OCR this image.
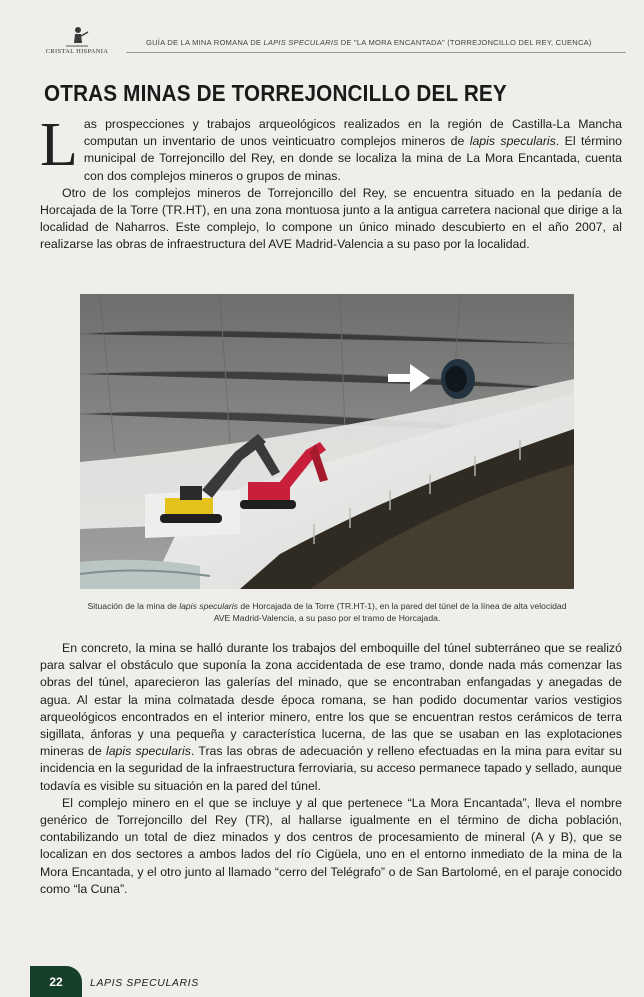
CRISTAL HISPANIA
GUÍA DE LA MINA ROMANA DE LAPIS SPECULARIS DE "LA MORA ENCANTADA" (TORREJONCILLO DEL REY, CUENCA)
OTRAS MINAS DE TORREJONCILLO DEL REY
L as prospecciones y trabajos arqueológicos realizados en la región de Castilla-La Mancha computan un inventario de unos veinticuatro complejos mineros de lapis specularis. El término municipal de Torrejoncillo del Rey, en donde se localiza la mina de La Mora Encantada, cuenta con dos complejos mineros o grupos de minas.

Otro de los complejos mineros de Torrejoncillo del Rey, se encuentra situado en la pedanía de Horcajada de la Torre (TR.HT), en una zona montuosa junto a la antigua carretera nacional que dirige a la localidad de Naharros. Este complejo, lo compone un único minado descubierto en el año 2007, al realizarse las obras de infraestructura del AVE Madrid-Valencia a su paso por la localidad.

Situación de la mina de lapis specularis de Horcajada de la Torre (TR.HT-1), en la pared del túnel de la línea de alta velocidad AVE Madrid-Valencia, a su paso por el tramo de Horcajada.

En concreto, la mina se halló durante los trabajos del emboquille del túnel subterráneo que se realizó para salvar el obstáculo que suponía la zona accidentada de ese tramo, donde nada más comenzar las obras del túnel, aparecieron las galerías del minado, que se encontraban enfangadas y anegadas de agua. Al estar la mina colmatada desde época romana, se han podido documentar varios vestigios arqueológicos encontrados en el interior minero, entre los que se encuentran restos cerámicos de terra sigillata, ánforas y una pequeña y característica lucerna, de las que se usaban en las explotaciones mineras de lapis specularis. Tras las obras de adecuación y relleno efectuadas en la mina para evitar su incidencia en la seguridad de la infraestructura ferroviaria, su acceso permanece tapado y sellado, aunque todavía es visible su situación en la pared del túnel.

El complejo minero en el que se incluye y al que pertenece “La Mora Encantada”, lleva el nombre genérico de Torrejoncillo del Rey (TR), al hallarse igualmente en el término de dicha población, contabilizando un total de diez minados y dos centros de procesamiento de mineral (A y B), que se localizan en dos sectores a ambos lados del río Cigüela, uno en el entorno inmediato de la mina de la Mora Encantada, y el otro junto al llamado “cerro del Telégrafo” o de San Bartolomé, en el paraje conocido como “la Cuna”.

22	LAPIS SPECULARIS
